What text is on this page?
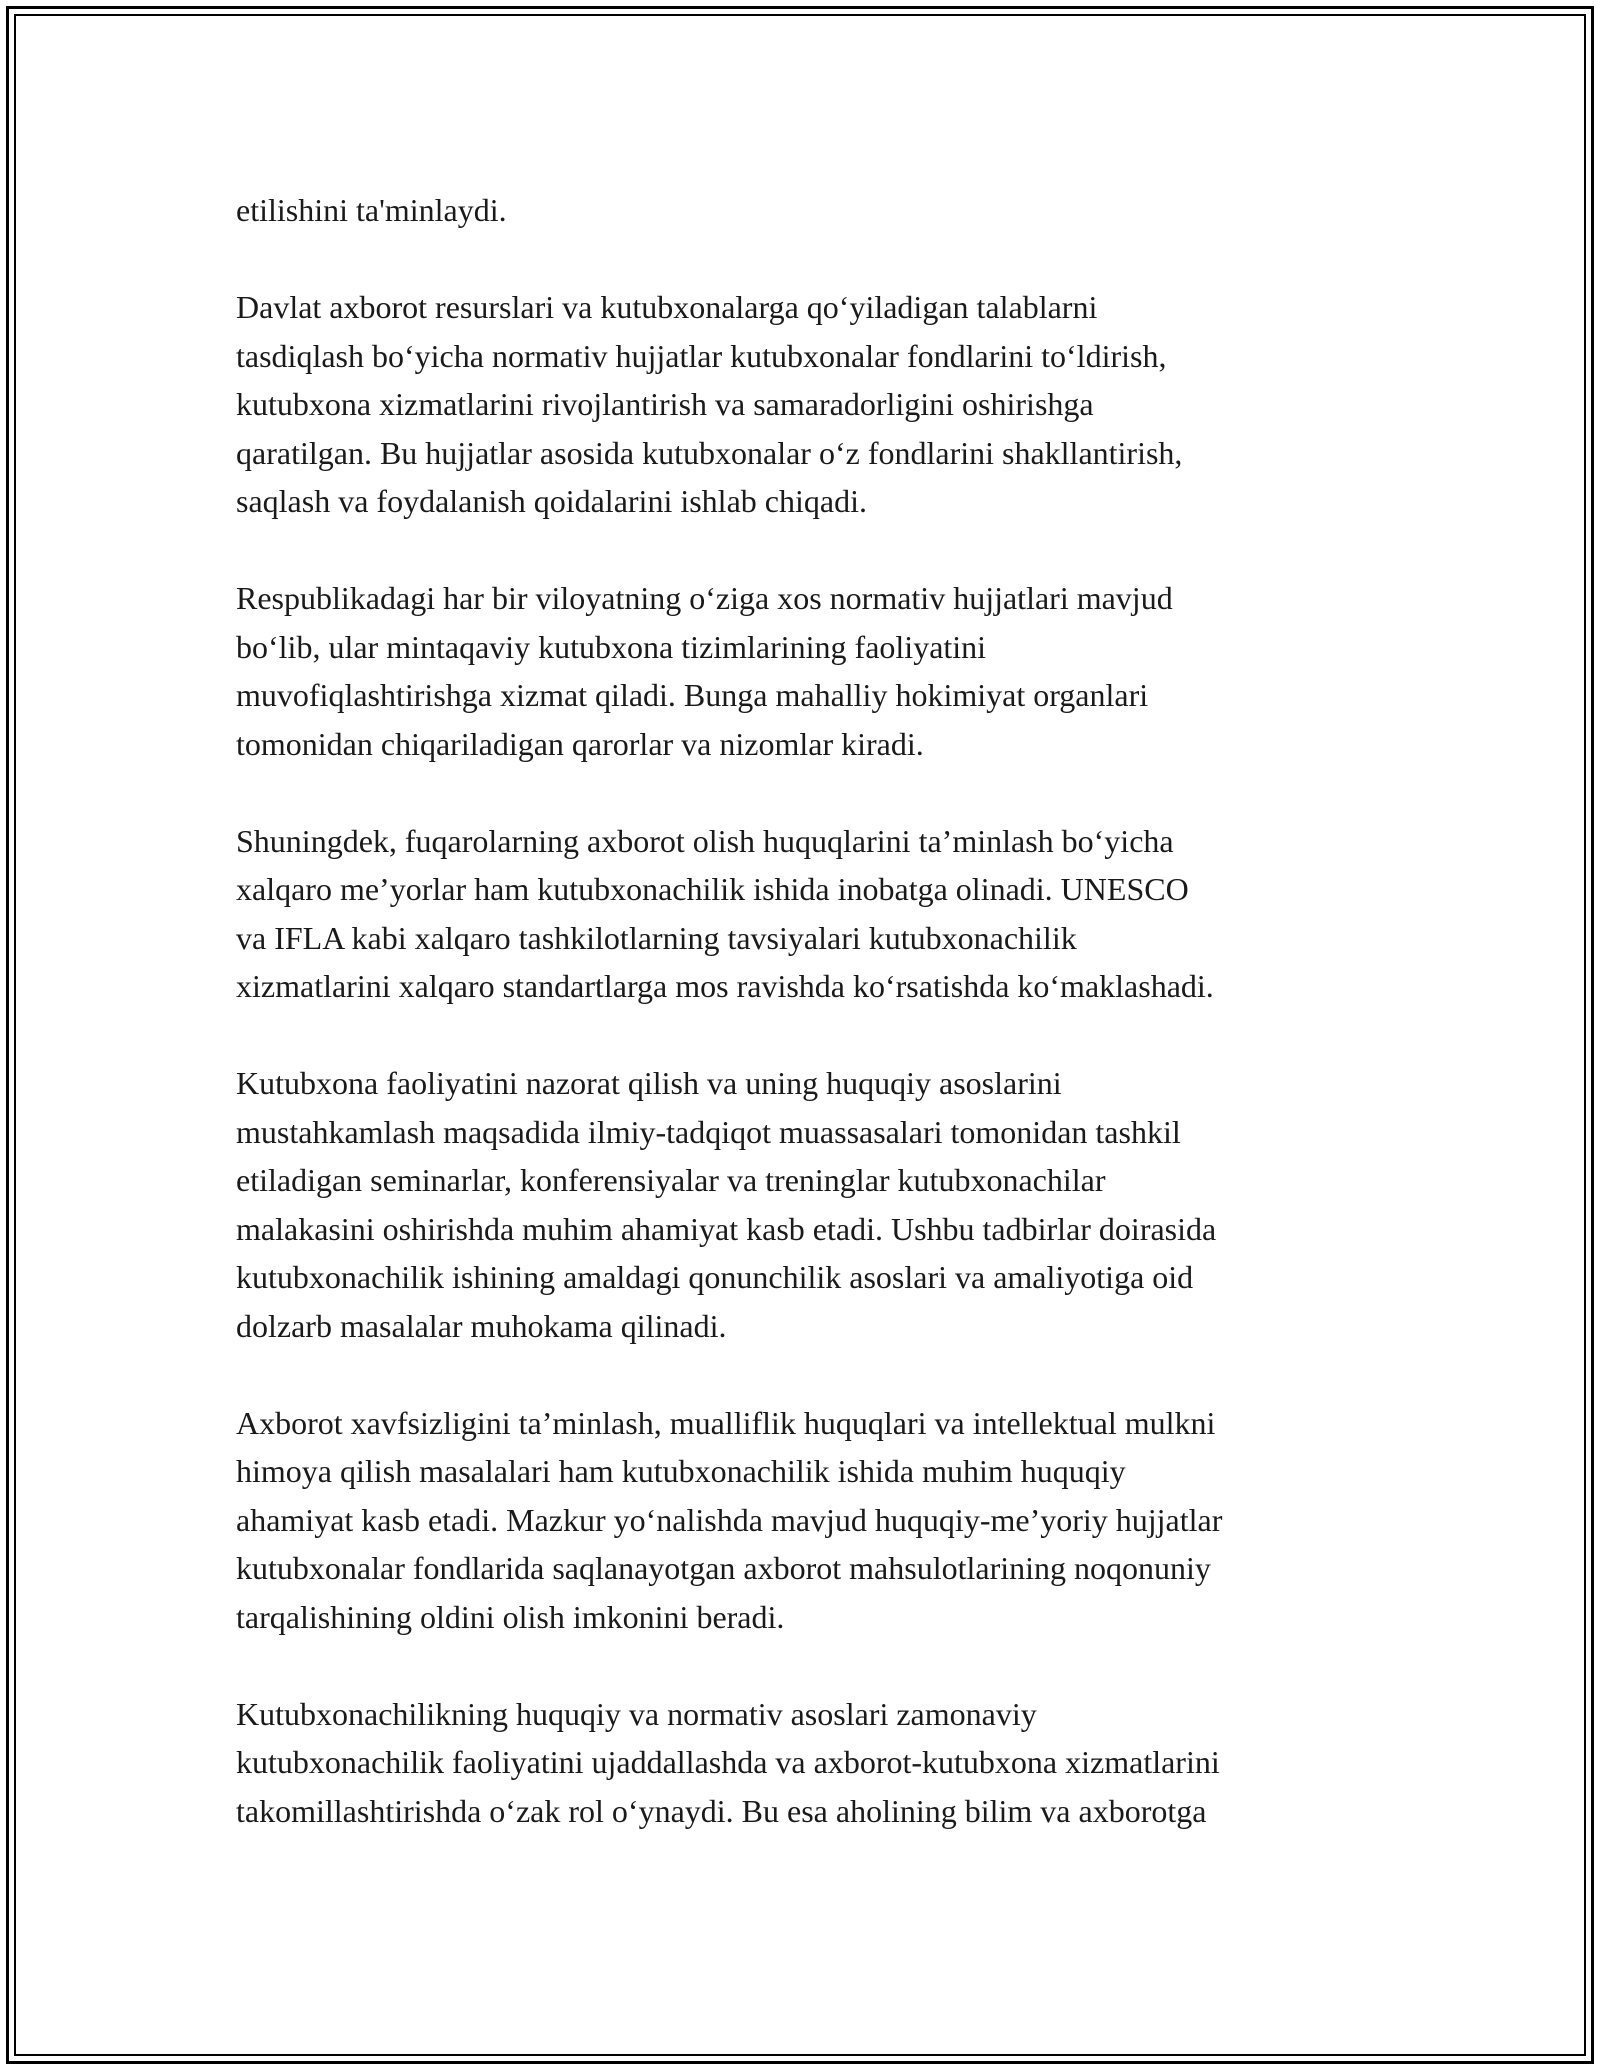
etilishini ta'minlaydi.

Davlat axborot resurslari va kutubxonalarga qo‘yiladigan talablarni
tasdiqlash bo‘yicha normativ hujjatlar kutubxonalar fondlarini to‘ldirish,
kutubxona xizmatlarini rivojlantirish va samaradorligini oshirishga
qaratilgan. Bu hujjatlar asosida kutubxonalar o‘z fondlarini shakllantirish,
saqlash va foydalanish qoidalarini ishlab chiqadi.

Respublikadagi har bir viloyatning o‘ziga xos normativ hujjatlari mavjud
bo‘lib, ular mintaqaviy kutubxona tizimlarining faoliyatini
muvofiqlashtirishga xizmat qiladi. Bunga mahalliy hokimiyat organlari
tomonidan chiqariladigan qarorlar va nizomlar kiradi.

Shuningdek, fuqarolarning axborot olish huquqlarini ta’minlash bo‘yicha
xalqaro me’yorlar ham kutubxonachilik ishida inobatga olinadi. UNESCO
va IFLA kabi xalqaro tashkilotlarning tavsiyalari kutubxonachilik
xizmatlarini xalqaro standartlarga mos ravishda ko‘rsatishda ko‘maklashadi.

Kutubxona faoliyatini nazorat qilish va uning huquqiy asoslarini
mustahkamlash maqsadida ilmiy-tadqiqot muassasalari tomonidan tashkil
etiladigan seminarlar, konferensiyalar va treninglar kutubxonachilar
malakasini oshirishda muhim ahamiyat kasb etadi. Ushbu tadbirlar doirasida
kutubxonachilik ishining amaldagi qonunchilik asoslari va amaliyotiga oid
dolzarb masalalar muhokama qilinadi.

Axborot xavfsizligini ta’minlash, mualliflik huquqlari va intellektual mulkni
himoya qilish masalalari ham kutubxonachilik ishida muhim huquqiy
ahamiyat kasb etadi. Mazkur yo‘nalishda mavjud huquqiy-me’yoriy hujjatlar
kutubxonalar fondlarida saqlanayotgan axborot mahsulotlarining noqonuniy
tarqalishining oldini olish imkonini beradi.

Kutubxonachilikning huquqiy va normativ asoslari zamonaviy
kutubxonachilik faoliyatini ujaddallashda va axborot-kutubxona xizmatlarini
takomillashtirishda o‘zak rol o‘ynaydi. Bu esa aholining bilim va axborotga
